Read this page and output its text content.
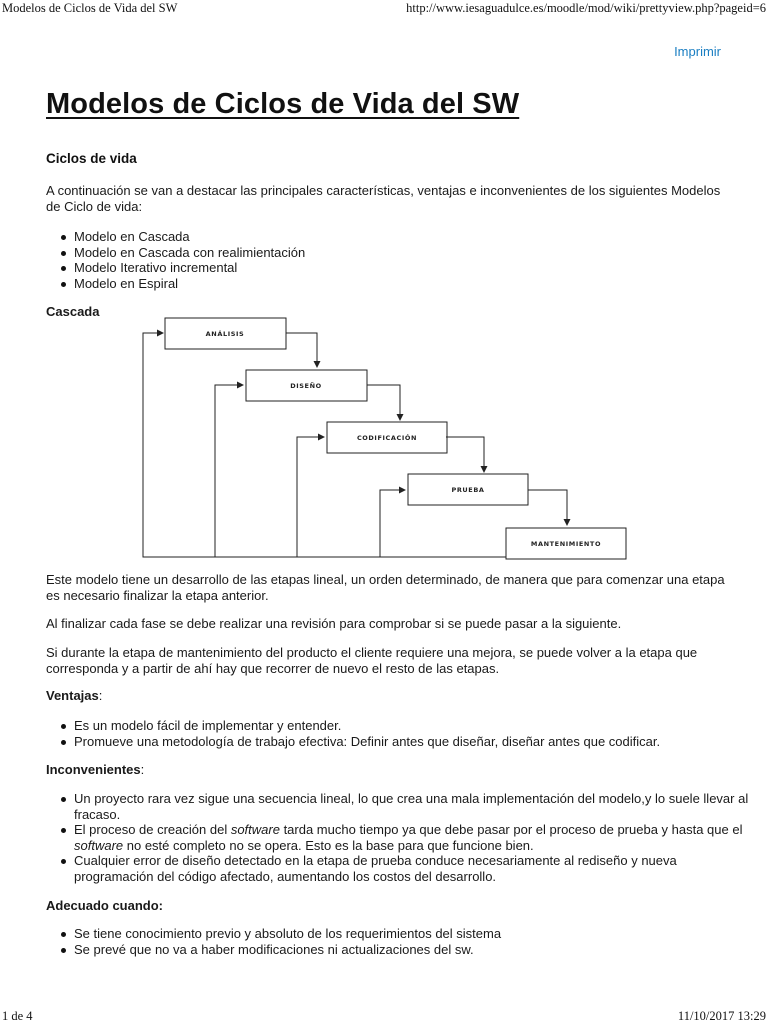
Modelos de Ciclos de Vida del SW	http://www.iesaguadulce.es/moodle/mod/wiki/prettyview.php?pageid=6
Imprimir
Modelos de Ciclos de Vida del SW
Ciclos de vida

A continuación se van a destacar las principales características, ventajas e inconvenientes de los siguientes Modelos de Ciclo de vida:

Modelo en Cascada
Modelo en Cascada con realimientación
Modelo Iterativo incremental
Modelo en Espiral
Cascada
ANÁLISIS
DISEÑO
CODIFICACIÓN
PRUEBA
MANTENIMIENTO

Este modelo tiene un desarrollo de las etapas lineal, un orden determinado, de manera que para comenzar una etapa es necesario finalizar la etapa anterior.

Al finalizar cada fase se debe realizar una revisión para comprobar si se puede pasar a la siguiente.

Si durante la etapa de mantenimiento del producto el cliente requiere una mejora, se puede volver a la etapa que corresponda y a partir de ahí hay que recorrer de nuevo el resto de las etapas.

Ventajas:
Es un modelo fácil de implementar y entender.
Promueve una metodología de trabajo efectiva: Definir antes que diseñar, diseñar antes que codificar.
Inconvenientes:
Un proyecto rara vez sigue una secuencia lineal, lo que crea una mala implementación del modelo,y lo suele llevar al fracaso.
El proceso de creación del software tarda mucho tiempo ya que debe pasar por el proceso de prueba y hasta que el software no esté completo no se opera. Esto es la base para que funcione bien.
Cualquier error de diseño detectado en la etapa de prueba conduce necesariamente al rediseño y nueva programación del código afectado, aumentando los costos del desarrollo.
Adecuado cuando:
Se tiene conocimiento previo y absoluto de los requerimientos del sistema
Se prevé que no va a haber modificaciones ni actualizaciones del sw.
1 de 4	11/10/2017 13:29
